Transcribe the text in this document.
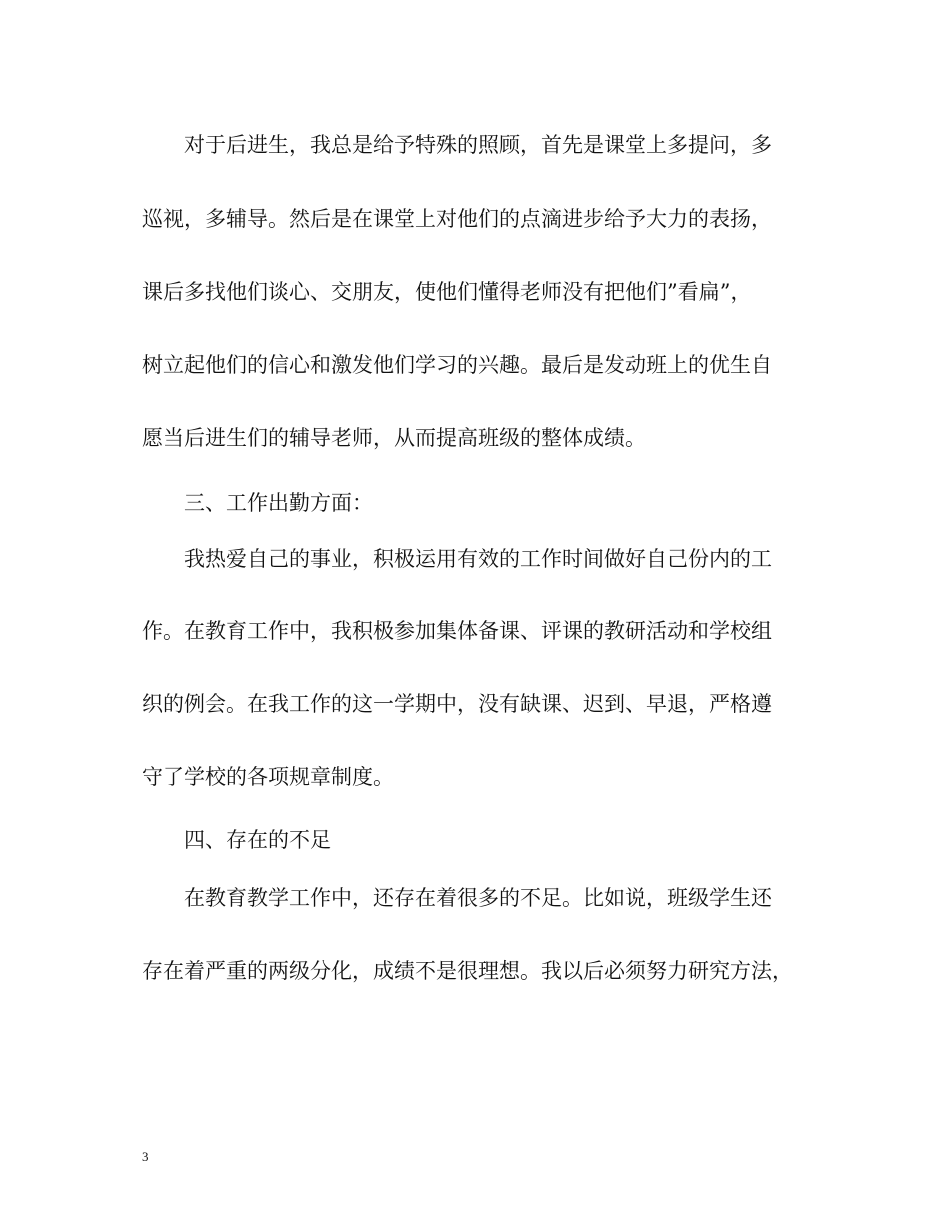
对于后进生，我总是给予特殊的照顾，首先是课堂上多提问，多
巡视，多辅导。然后是在课堂上对他们的点滴进步给予大力的表扬，
课后多找他们谈心、交朋友，使他们懂得老师没有把他们”看扁”，
树立起他们的信心和激发他们学习的兴趣。最后是发动班上的优生自
愿当后进生们的辅导老师，从而提高班级的整体成绩。
三、工作出勤方面：
我热爱自己的事业，积极运用有效的工作时间做好自己份内的工
作。在教育工作中，我积极参加集体备课、评课的教研活动和学校组
织的例会。在我工作的这一学期中，没有缺课、迟到、早退，严格遵
守了学校的各项规章制度。
四、存在的不足
在教育教学工作中，还存在着很多的不足。比如说，班级学生还
存在着严重的两级分化，成绩不是很理想。我以后必须努力研究方法，
3
